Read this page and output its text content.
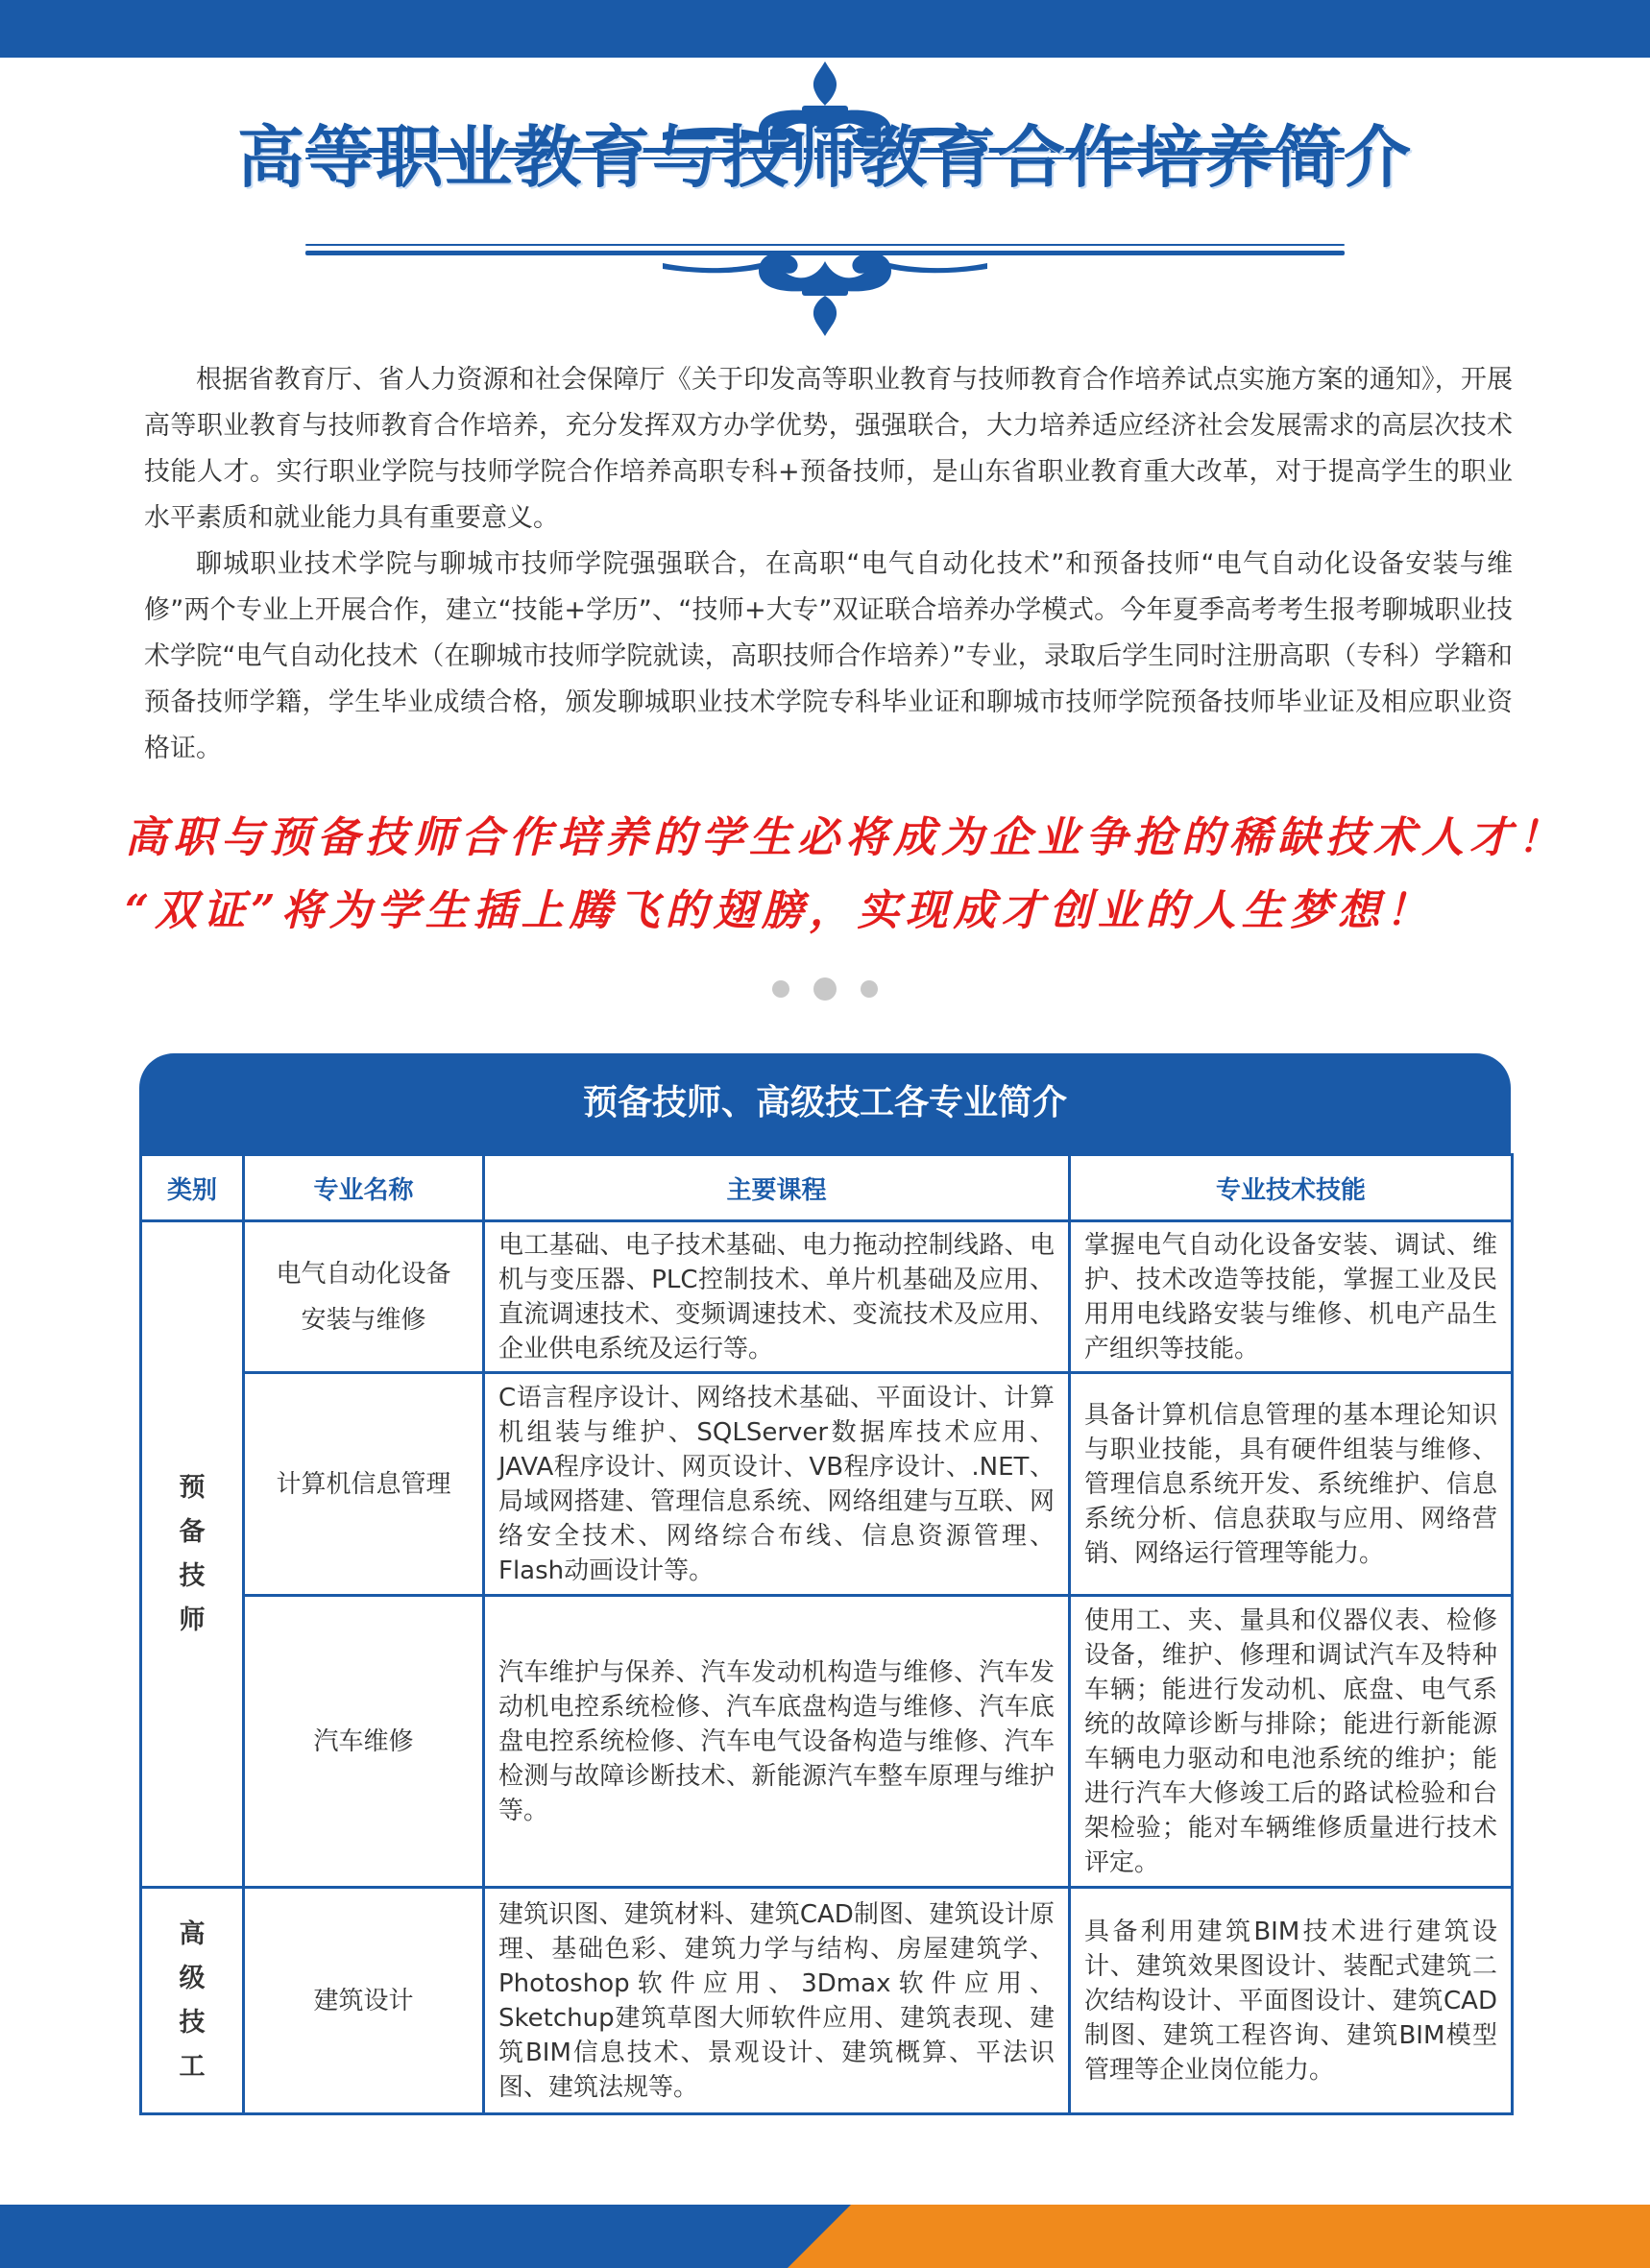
高等职业教育与技师教育合作培养简介

根据省教育厅、省人力资源和社会保障厅《关于印发高等职业教育与技师教育合作培养试点实施方案的通知》，开展高等职业教育与技师教育合作培养，充分发挥双方办学优势，强强联合，大力培养适应经济社会发展需求的高层次技术技能人才。实行职业学院与技师学院合作培养高职专科+预备技师，是山东省职业教育重大改革，对于提高学生的职业水平素质和就业能力具有重要意义。

聊城职业技术学院与聊城市技师学院强强联合，在高职“电气自动化技术”和预备技师“电气自动化设备安装与维修”两个专业上开展合作，建立“技能+学历”、“技师+大专”双证联合培养办学模式。今年夏季高考考生报考聊城职业技术学院“电气自动化技术（在聊城市技师学院就读，高职技师合作培养）”专业，录取后学生同时注册高职（专科）学籍和预备技师学籍，学生毕业成绩合格，颁发聊城职业技术学院专科毕业证和聊城市技师学院预备技师毕业证及相应职业资格证。

高职与预备技师合作培养的学生必将成为企业争抢的稀缺技术人才！
“双证”将为学生插上腾飞的翅膀，实现成才创业的人生梦想！

预备技师、高级技工各专业简介
类别	专业名称	主要课程	专业技术技能
预备技师	电气自动化设备安装与维修	电工基础、电子技术基础、电力拖动控制线路、电机与变压器、PLC控制技术、单片机基础及应用、直流调速技术、变频调速技术、变流技术及应用、企业供电系统及运行等。	掌握电气自动化设备安装、调试、维护、技术改造等技能，掌握工业及民用用电线路安装与维修、机电产品生产组织等技能。
	计算机信息管理	C语言程序设计、网络技术基础、平面设计、计算机组装与维护、SQLServer数据库技术应用、JAVA程序设计、网页设计、VB程序设计、.NET、局域网搭建、管理信息系统、网络组建与互联、网络安全技术、网络综合布线、信息资源管理、Flash动画设计等。	具备计算机信息管理的基本理论知识与职业技能，具有硬件组装与维修、管理信息系统开发、系统维护、信息系统分析、信息获取与应用、网络营销、网络运行管理等能力。
	汽车维修	汽车维护与保养、汽车发动机构造与维修、汽车发动机电控系统检修、汽车底盘构造与维修、汽车底盘电控系统检修、汽车电气设备构造与维修、汽车检测与故障诊断技术、新能源汽车整车原理与维护等。	使用工、夹、量具和仪器仪表、检修设备，维护、修理和调试汽车及特种车辆；能进行发动机、底盘、电气系统的故障诊断与排除；能进行新能源车辆电力驱动和电池系统的维护；能进行汽车大修竣工后的路试检验和台架检验；能对车辆维修质量进行技术评定。
高级技工	建筑设计	建筑识图、建筑材料、建筑CAD制图、建筑设计原理、基础色彩、建筑力学与结构、房屋建筑学、Photoshop软件应用、3Dmax软件应用、Sketchup建筑草图大师软件应用、建筑表现、建筑BIM信息技术、景观设计、建筑概算、平法识图、建筑法规等。	具备利用建筑BIM技术进行建筑设计、建筑效果图设计、装配式建筑二次结构设计、平面图设计、建筑CAD制图、建筑工程咨询、建筑BIM模型管理等企业岗位能力。
